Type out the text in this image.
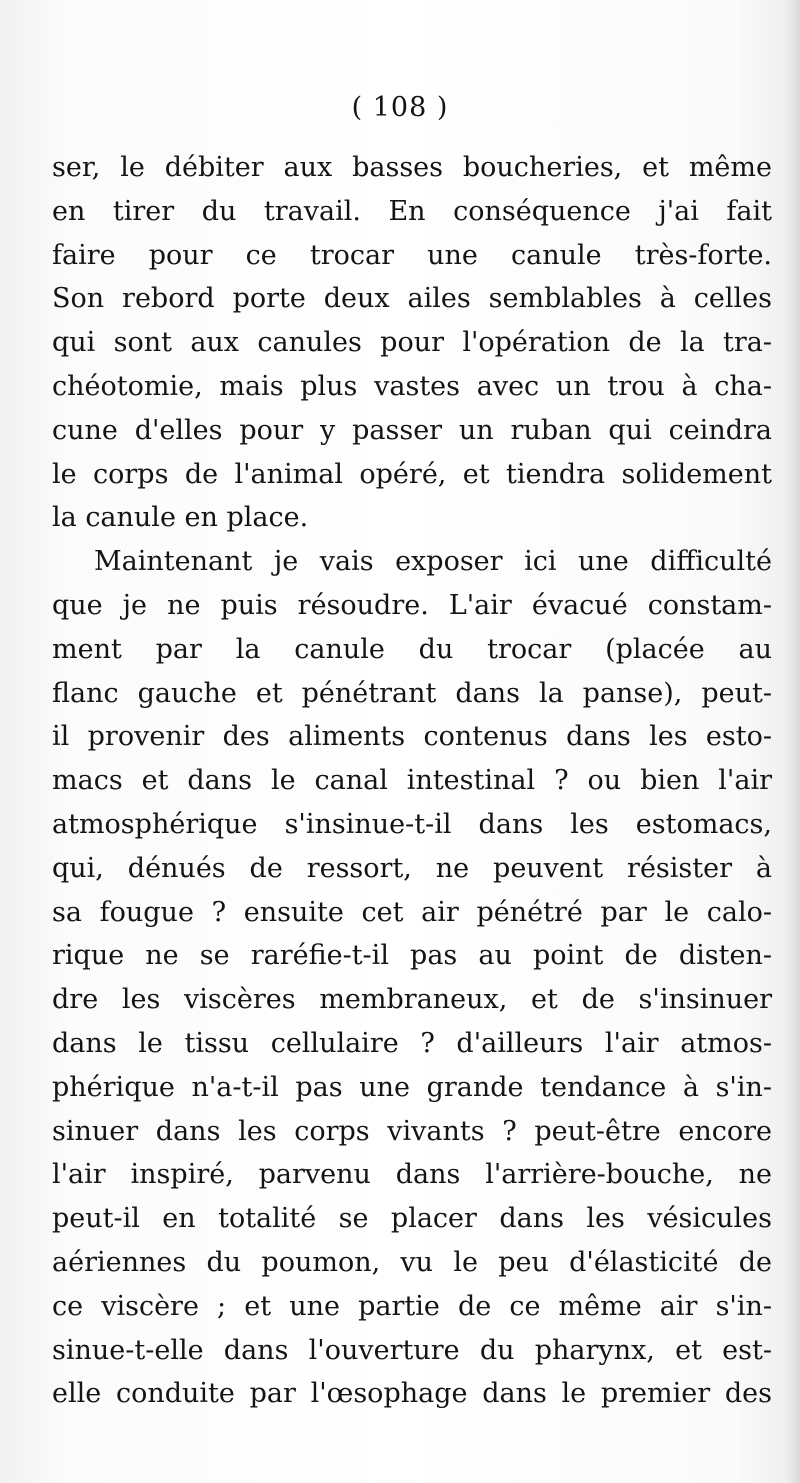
( 108 )
ser, le débiter aux basses boucheries, et même
en tirer du travail. En conséquence j'ai fait
faire pour ce trocar une canule très-forte.
Son rebord porte deux ailes semblables à celles
qui sont aux canules pour l'opération de la tra-
chéotomie, mais plus vastes avec un trou à cha-
cune d'elles pour y passer un ruban qui ceindra
le corps de l'animal opéré, et tiendra solidement
la canule en place.
Maintenant je vais exposer ici une difficulté
que je ne puis résoudre. L'air évacué constam-
ment par la canule du trocar (placée au
flanc gauche et pénétrant dans la panse), peut-
il provenir des aliments contenus dans les esto-
macs et dans le canal intestinal ? ou bien l'air
atmosphérique s'insinue-t-il dans les estomacs,
qui, dénués de ressort, ne peuvent résister à
sa fougue ? ensuite cet air pénétré par le calo-
rique ne se raréfie-t-il pas au point de disten-
dre les viscères membraneux, et de s'insinuer
dans le tissu cellulaire ? d'ailleurs l'air atmos-
phérique n'a-t-il pas une grande tendance à s'in-
sinuer dans les corps vivants ? peut-être encore
l'air inspiré, parvenu dans l'arrière-bouche, ne
peut-il en totalité se placer dans les vésicules
aériennes du poumon, vu le peu d'élasticité de
ce viscère ; et une partie de ce même air s'in-
sinue-t-elle dans l'ouverture du pharynx, et est-
elle conduite par l'œsophage dans le premier des
